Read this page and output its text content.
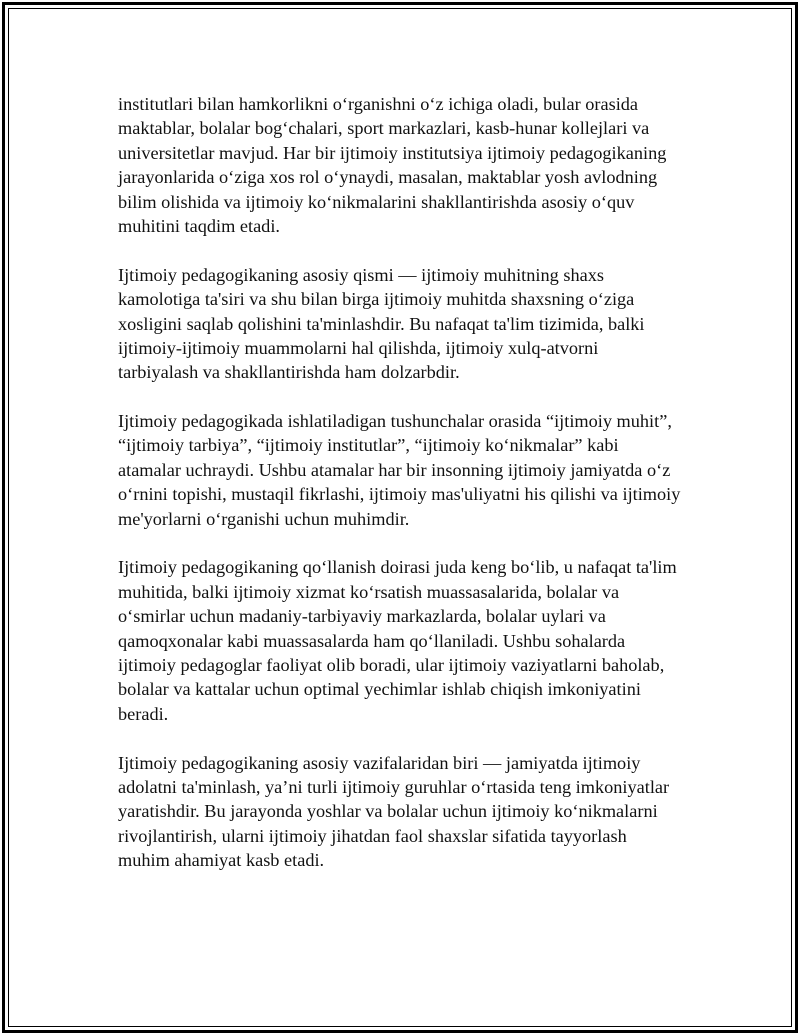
institutlari bilan hamkorlikni o‘rganishni o‘z ichiga oladi, bular orasida
maktablar, bolalar bog‘chalari, sport markazlari, kasb-hunar kollejlari va
universitetlar mavjud. Har bir ijtimoiy institutsiya ijtimoiy pedagogikaning
jarayonlarida o‘ziga xos rol o‘ynaydi, masalan, maktablar yosh avlodning
bilim olishida va ijtimoiy ko‘nikmalarini shakllantirishda asosiy o‘quv
muhitini taqdim etadi.
Ijtimoiy pedagogikaning asosiy qismi — ijtimoiy muhitning shaxs
kamolotiga ta'siri va shu bilan birga ijtimoiy muhitda shaxsning o‘ziga
xosligini saqlab qolishini ta'minlashdir. Bu nafaqat ta'lim tizimida, balki
ijtimoiy-ijtimoiy muammolarni hal qilishda, ijtimoiy xulq-atvorni
tarbiyalash va shakllantirishda ham dolzarbdir.
Ijtimoiy pedagogikada ishlatiladigan tushunchalar orasida “ijtimoiy muhit”,
“ijtimoiy tarbiya”, “ijtimoiy institutlar”, “ijtimoiy ko‘nikmalar” kabi
atamalar uchraydi. Ushbu atamalar har bir insonning ijtimoiy jamiyatda o‘z
o‘rnini topishi, mustaqil fikrlashi, ijtimoiy mas'uliyatni his qilishi va ijtimoiy
me'yorlarni o‘rganishi uchun muhimdir.
Ijtimoiy pedagogikaning qo‘llanish doirasi juda keng bo‘lib, u nafaqat ta'lim
muhitida, balki ijtimoiy xizmat ko‘rsatish muassasalarida, bolalar va
o‘smirlar uchun madaniy-tarbiyaviy markazlarda, bolalar uylari va
qamoqxonalar kabi muassasalarda ham qo‘llaniladi. Ushbu sohalarda
ijtimoiy pedagoglar faoliyat olib boradi, ular ijtimoiy vaziyatlarni baholab,
bolalar va kattalar uchun optimal yechimlar ishlab chiqish imkoniyatini
beradi.
Ijtimoiy pedagogikaning asosiy vazifalaridan biri — jamiyatda ijtimoiy
adolatni ta'minlash, ya’ni turli ijtimoiy guruhlar o‘rtasida teng imkoniyatlar
yaratishdir. Bu jarayonda yoshlar va bolalar uchun ijtimoiy ko‘nikmalarni
rivojlantirish, ularni ijtimoiy jihatdan faol shaxslar sifatida tayyorlash
muhim ahamiyat kasb etadi.
